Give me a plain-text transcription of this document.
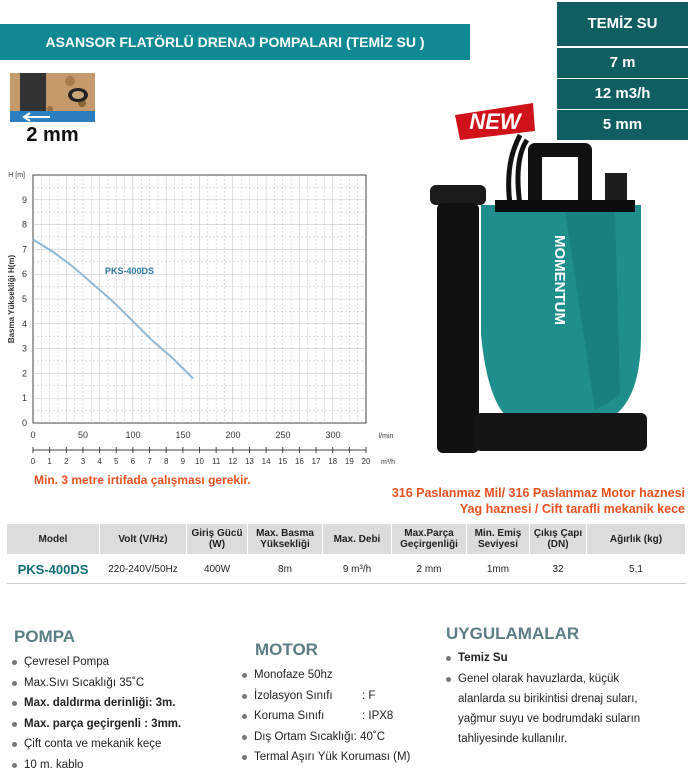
ASANSOR FLATÖRLÜ DRENAJ POMPALARI (TEMİZ SU )
TEMİZ SU
7 m
12 m3/h
5 mm
2 mm
0
1
2
3
4
5
6
7
8
9
H [m]
Basma Yüksekliği H(m)
0	50	100	150	200	250	300	l/min
0 1 2 3 4 5 6 7 8 9 10 11 12 13 14 15 16 17 18 19 20 m³/h
PKS-400DS
Min. 3 metre irtifada çalışması gerekir.
NEW
MOMENTUM
316 Paslanmaz Mil/ 316 Paslanmaz Motor haznesi
Yag haznesi / Cift tarafli mekanik kece
Model	Volt (V/Hz)	Giriş Gücü (W)	Max. Basma Yüksekliği	Max. Debi	Max.Parça Geçirgenliği	Min. Emiş Seviyesi	Çıkış Çapı (DN)	Ağırlık (kg)
PKS-400DS	220-240V/50Hz	400W	8m	9 m³/h	2 mm	1mm	32	5,1
POMPA
Çevresel Pompa
Max.Sıvı Sıcaklığı 35˚C
Max. daldırma derinliği: 3m.
Max. parça geçirgenli : 3mm.
Çift conta ve mekanik keçe
10 m. kablo
MOTOR
Monofaze 50hz
İzolasyon Sınıfı	: F
Koruma Sınıfı	: IPX8
Dış Ortam Sıcaklığı: 40˚C
Termal Aşırı Yük Koruması (M)
UYGULAMALAR
Temiz Su
Genel olarak havuzlarda, küçük alanlarda su birikintisi drenaj suları, yağmur suyu ve bodrumdaki suların tahliyesinde kullanılır.
